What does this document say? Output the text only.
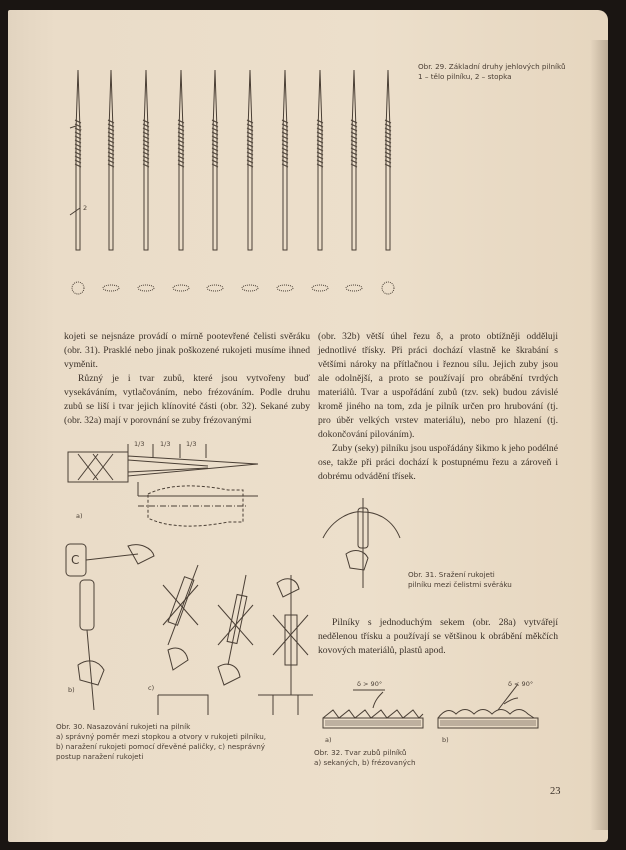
1
2
Obr. 29. Základní druhy jehlových pilníků
1 – tělo pilníku, 2 – stopka

kojeti se nejsnáze provádí o mírně pootevřené čelisti svěráku (obr. 31). Prasklé nebo jinak poškozené rukojeti musíme ihned vyměnit.

Různý je i tvar zubů, které jsou vytvořeny buď vysekáváním, vytlačováním, nebo frézováním. Podle druhu zubů se liší i tvar jejich klínovité části (obr. 32). Sekané zuby (obr. 32a) mají v porovnání se zuby frézovanými

(obr. 32b) větší úhel řezu δ, a proto obtížněji odděluji jednotlivé třísky. Při práci dochází vlastně ke škrabání s většími nároky na přítlačnou i řeznou sílu. Jejich zuby jsou ale odolnější, a proto se používají pro obrábění tvrdých materiálů. Tvar a uspořádání zubů (tzv. sek) budou závislé kromě jiného na tom, zda je pilník určen pro hrubování (tj. pro úběr velkých vrstev materiálu), nebo pro hlazení (tj. dokončování pilováním).

Zuby (seky) pilníku jsou uspořádány šikmo k jeho podélné ose, takže při práci dochází k postupnému řezu a zároveň i dobrému odvádění třísek.

1/3 1/3 1/3
a)
C
b)	c)
Obr. 30. Nasazování rukojeti na pilník
a) správný poměr mezi stopkou a otvory v rukojeti pilníku,
b) naražení rukojeti pomocí dřevěné paličky, c) nesprávný
postup naražení rukojeti
Obr. 31. Sražení rukojeti
pilníku mezi čelistmi svěráku

Pilníky s jednoduchým sekem (obr. 28a) vytvářejí nedělenou třísku a používají se většinou k obrábění měkčích kovových materiálů, plastů apod.

δ > 90°
a)
δ < 90°
b)
Obr. 32. Tvar zubů pilníků
a) sekaných, b) frézovaných
23
